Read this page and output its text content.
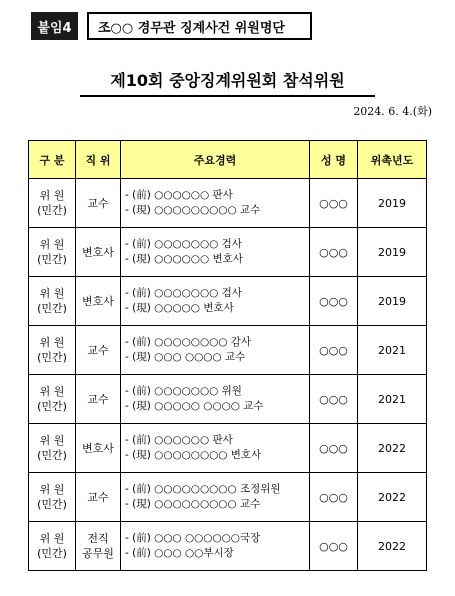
붙임4	조○○ 경무관 징계사건 위원명단
제10회 중앙징계위원회 참석위원
2024. 6. 4.(화)
구 분	직 위	주요경력	성 명	위촉년도

위 원
(민간)	교수	- (前) ○○○○○○ 판사
- (現) ○○○○○○○○○ 교수	○○○	2019

위 원
(민간)	변호사	- (前) ○○○○○○○ 검사
- (現) ○○○○○○ 변호사	○○○	2019

위 원
(민간)	변호사	- (前) ○○○○○○○ 검사
- (現) ○○○○○ 변호사	○○○	2019

위 원
(민간)	교수	- (前) ○○○○○○○○ 감사
- (現) ○○○ ○○○○ 교수	○○○	2021

위 원
(민간)	교수	- (前) ○○○○○○○ 위원
- (現) ○○○○○ ○○○○ 교수	○○○	2021

위 원
(민간)	변호사	- (前) ○○○○○○ 판사
- (現) ○○○○○○○○ 변호사	○○○	2022

위 원
(민간)	교수	- (前) ○○○○○○○○○ 조정위원
- (現) ○○○○○○○○○ 교수	○○○	2022

위 원
(민간)	전직
공무원	- (前) ○○○ ○○○○○○국장
- (前) ○○○ ○○부시장	○○○	2022
